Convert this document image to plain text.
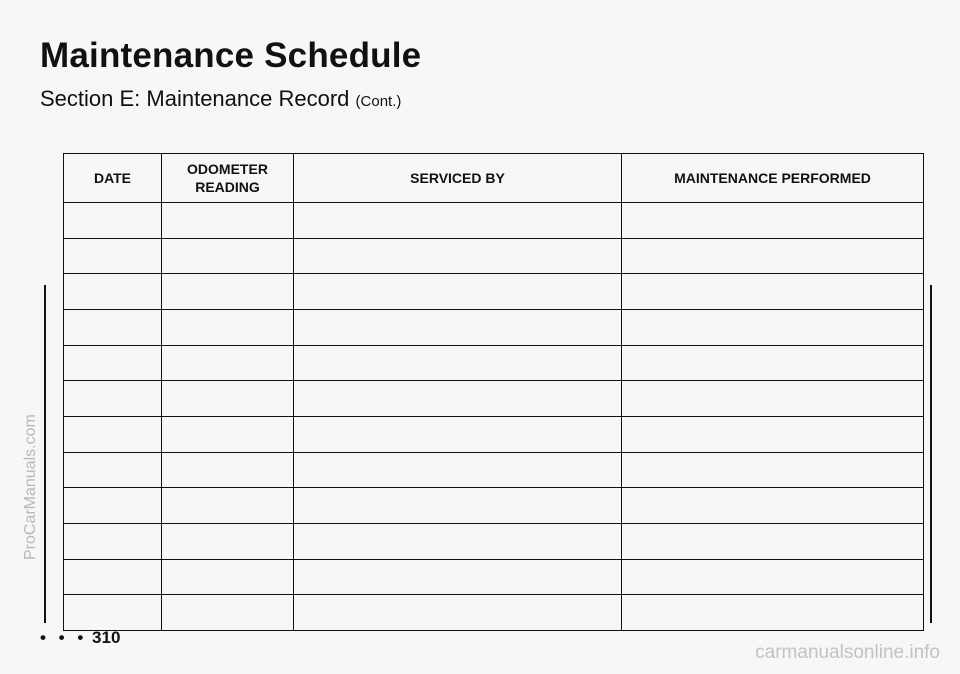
Maintenance Schedule
Section E: Maintenance Record (Cont.)
DATE	ODOMETER READING	SERVICED BY	MAINTENANCE PERFORMED

• • • 310
ProCarManuals.com
carmanualsonline.info
